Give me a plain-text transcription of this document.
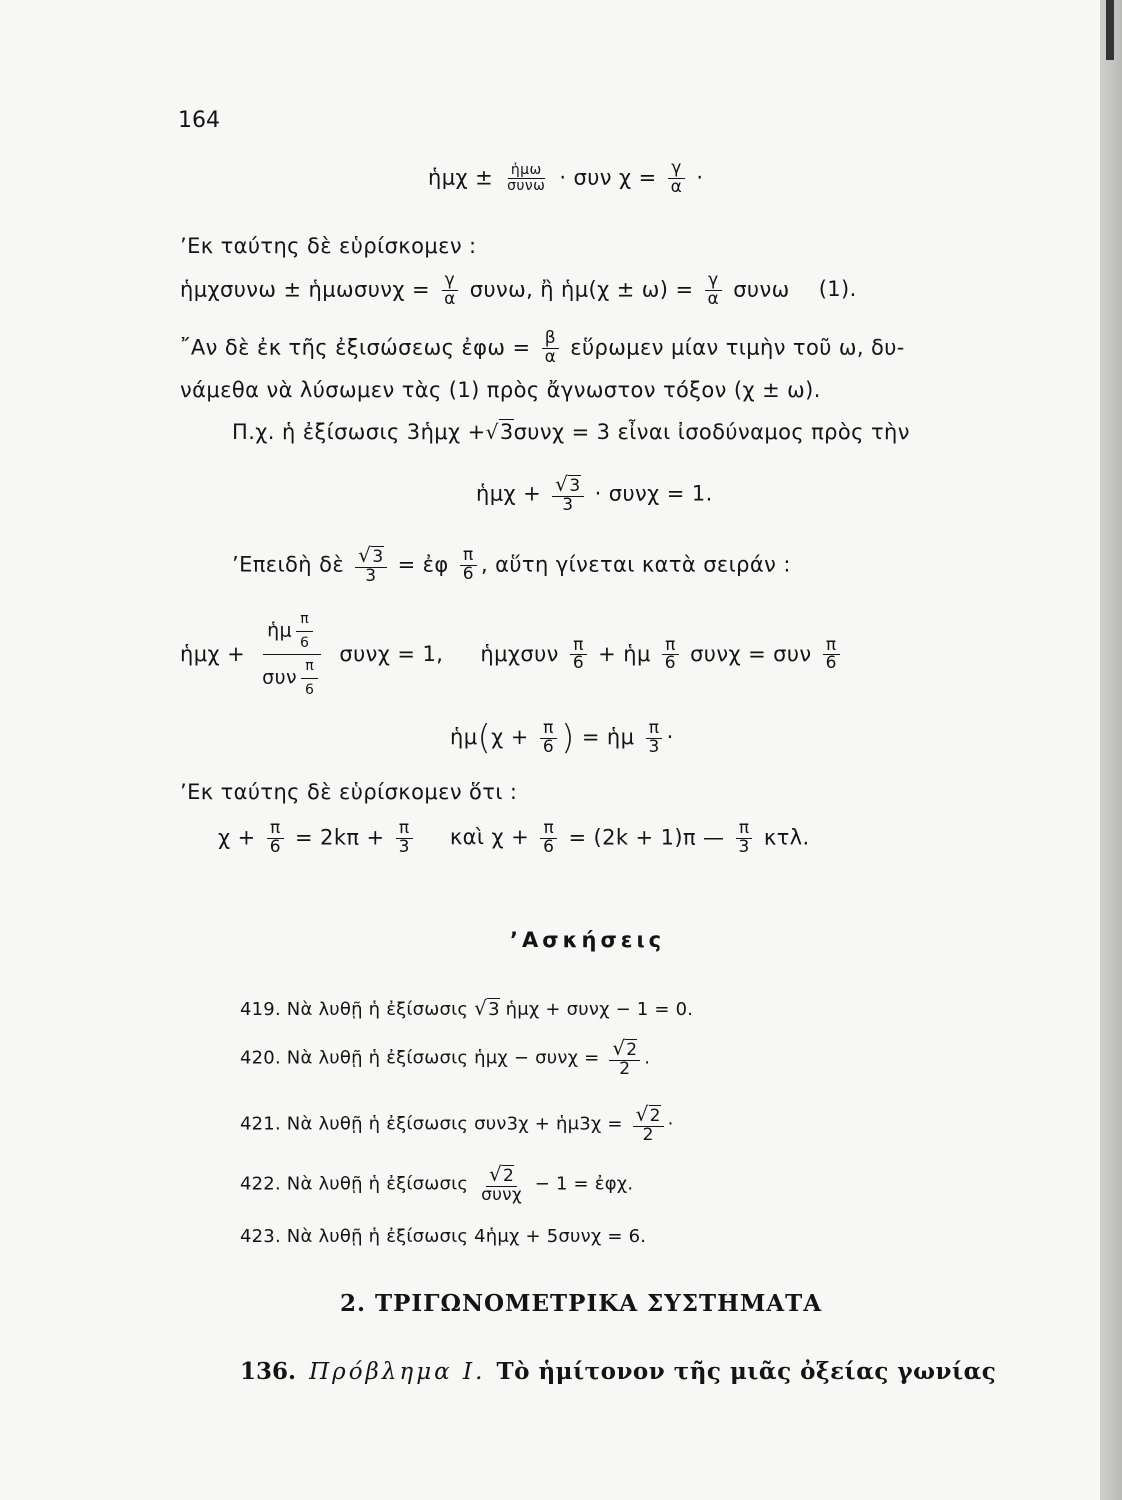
164
ἡμχ ± $\frac{\text{ἡμω}}{\text{συνω}} \cdot \sigma\upsilon\nu$ $\chi = \frac{\gamma}{\alpha}$ ·
’Εκ ταύτης δὲ εὑρίσκομεν :
ἡμχσυνω ± ἡμωσυνχ = $\frac{\gamma}{\alpha} \sigma\upsilon\nu\omega$, ἢ ἡμ(χ ± $\omega) = \frac{\gamma}{\alpha}$ συνω (1).
῎Αν δὲ ἐκ τῆς ἐξισώσεως ἐφω = $\frac{\beta}{\alpha}$ εὕρωμεν μίαν τιμὴν τοῦ ω, δυ-
νάμεθα νὰ λύσωμεν τὰς (1) πρὸς ἄγνωστον τόξον (χ ± ω).
Π.χ. ἡ ἐξίσωσις 3ἡμχ +√3συνχ = 3 εἶναι ἰσοδύναμος πρὸς τὴν
ἡμχ + $\frac{√3}{3} \cdot \sigma\upsilon\nu\chi = 1$.
’Επειδὴ δὲ $\frac{√3}{3}$ = ἐφ $\frac{\pi}{6}$ , αὕτη γίνεται κατὰ σειράν :
ἡμχ +
ἡμ $\frac{\pi}{6}$
συν $\frac{\pi}{6}$
συνχ = 1, ἡμχσυν $\frac{\pi}{6}$ + ἡμ $\frac{\pi}{6}$ συνχ = συν $\frac{\pi}{6}$
ἡμ(χ + $\frac{\pi}{6}$ ) = ἡμ $\frac{\pi}{3}$ ·
’Εκ ταύτης δὲ εὑρίσκομεν ὅτι :
$\chi + \frac{\pi}{6} = 2k\pi + \frac{\pi}{3}$ καὶ $\chi + \frac{\pi}{6} = (2k + 1)\pi$ — $\frac{\pi}{3} \kappa\tau\lambda$.
’Ασκήσεις
419. Νὰ λυθῇ ἡ ἐξίσωσις √3 ἡμχ + συνχ − 1 = 0.
420. Νὰ λυθῇ ἡ ἐξίσωσις ἡμχ − $\sigma\upsilon\nu\chi = \frac{√2}{2}$ .
421. Νὰ λυθῇ ἡ ἐξίσωσις συν3χ + ἡμ3χ = $\frac{√2}{2}$ ·
422. Νὰ λυθῇ ἡ ἐξίσωσις $\frac{√2}{\text{συνχ}} - 1$ = ἐφχ.
423. Νὰ λυθῇ ἡ ἐξίσωσις 4ἡμχ + 5συνχ = 6.
2. ΤΡΙΓΩΝΟΜΕΤΡΙΚΑ ΣΥΣΤΗΜΑΤΑ
136. Πρόβλημα Ι. Τὸ ἡμίτονον τῆς μιᾶς ὀξείας γωνίας
